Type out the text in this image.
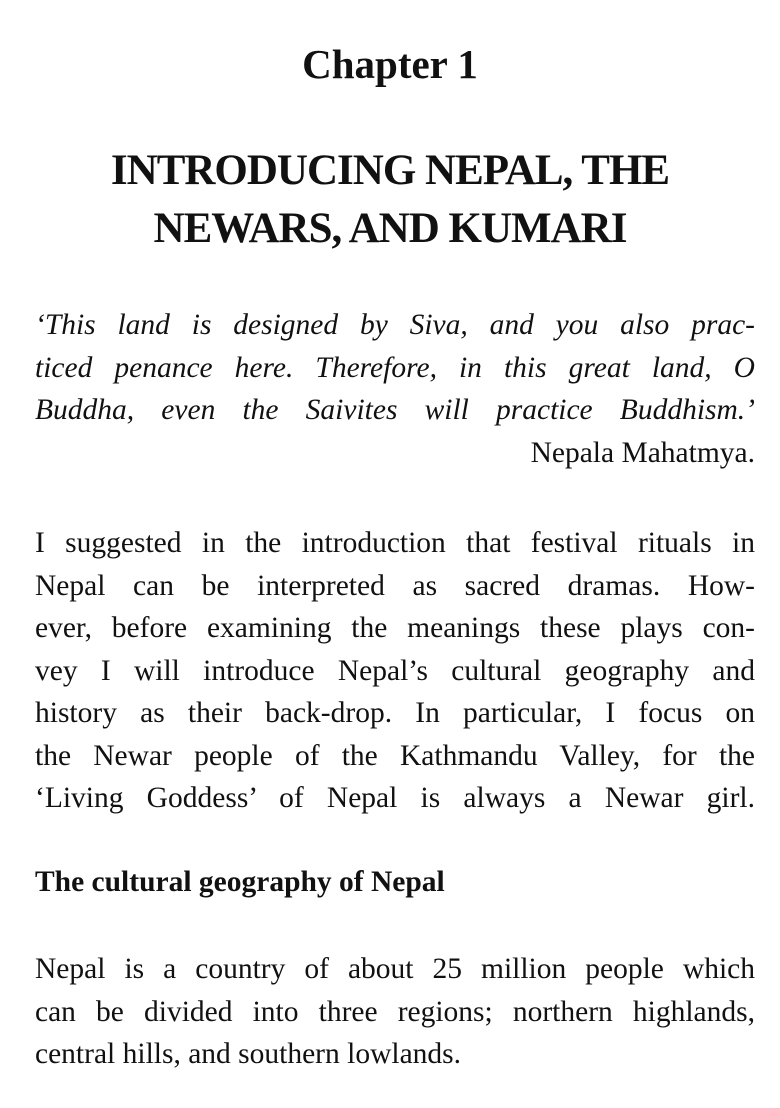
Chapter 1
INTRODUCING NEPAL, THE
NEWARS, AND KUMARI
‘This land is designed by Siva, and you also prac-
ticed penance here. Therefore, in this great land, O
Buddha, even the Saivites will practice Buddhism.’
Nepala Mahatmya.
I suggested in the introduction that festival rituals in
Nepal can be interpreted as sacred dramas. How-
ever, before examining the meanings these plays con-
vey I will introduce Nepal’s cultural geography and
history as their back-drop. In particular, I focus on
the Newar people of the Kathmandu Valley, for the
‘Living Goddess’ of Nepal is always a Newar girl.
The cultural geography of Nepal
Nepal is a country of about 25 million people which
can be divided into three regions; northern highlands,
central hills, and southern lowlands.
